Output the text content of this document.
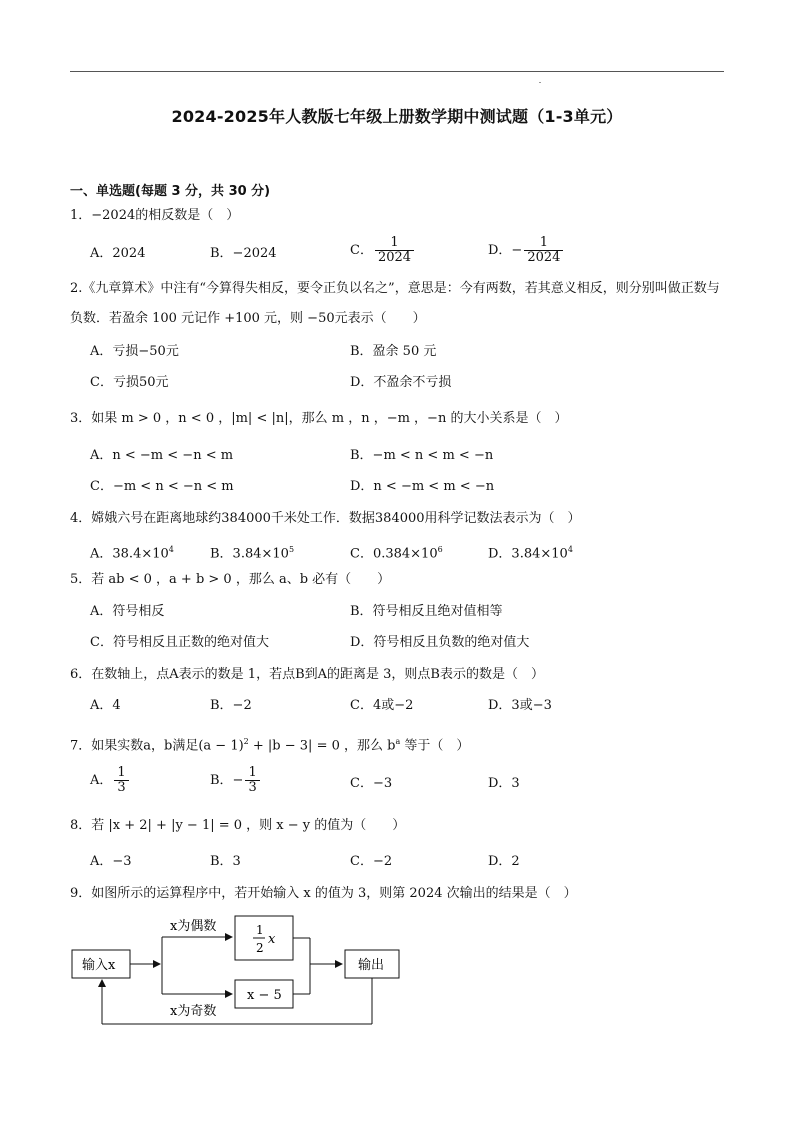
2024-2025年人教版七年级上册数学期中测试题（1-3单元）
一、单选题(每题 3 分，共 30 分)
1．−2024的相反数是（　）
A．2024	B．−2024	C． $\frac{1}{2024}$	D．− $\frac{1}{2024}$
2.《九章算术》中注有“今算得失相反，要令正负以名之”，意思是：今有两数，若其意义相反，则分别叫做正数与负数．若盈余 100 元记作 +100 元，则 −50元表示（　　）
A．亏损−50元	B．盈余 50 元
C．亏损50元	D．不盈余不亏损
3．如果 m > 0 ，n < 0 ，|m| < |n|，那么 m ，n ，−m ，−n 的大小关系是（　）
A．n < −m < −n < m	B．−m < n < m < −n
C．−m < n < −n < m	D．n < −m < m < −n
4．嫦娥六号在距离地球约384000千米处工作．数据384000用科学记数法表示为（　）
A．$38.4\times 10^4$	B．$3.84\times 10^5$	C．$0.384\times 10^6$	D．$3.84\times 10^4$
5．若 ab < 0 ，a + b > 0 ，那么 a、b 必有（　　）
A．符号相反	B．符号相反且绝对值相等
C．符号相反且正数的绝对值大	D．符号相反且负数的绝对值大
6．在数轴上，点A表示的数是 1，若点B到A的距离是 3，则点B表示的数是（　）
A．4	B．−2	C．4或−2	D．3或−3
7．如果实数a，b满足$(a - 1)^2 + |b - 3| = 0$ ，那么 $b^a$ 等于（　）
A． $\frac{1}{3}$	B．− $\frac{1}{3}$	C．−3	D．3
8．若 |x + 2| + |y − 1| = 0 ，则 x − y 的值为（　　）
A．−3	B．3	C．−2	D．2
9．如图所示的运算程序中，若开始输入 x 的值为 3，则第 2024 次输出的结果是（　）
输入x
x为偶数
x为奇数
1
2
x
x − 5
输出
